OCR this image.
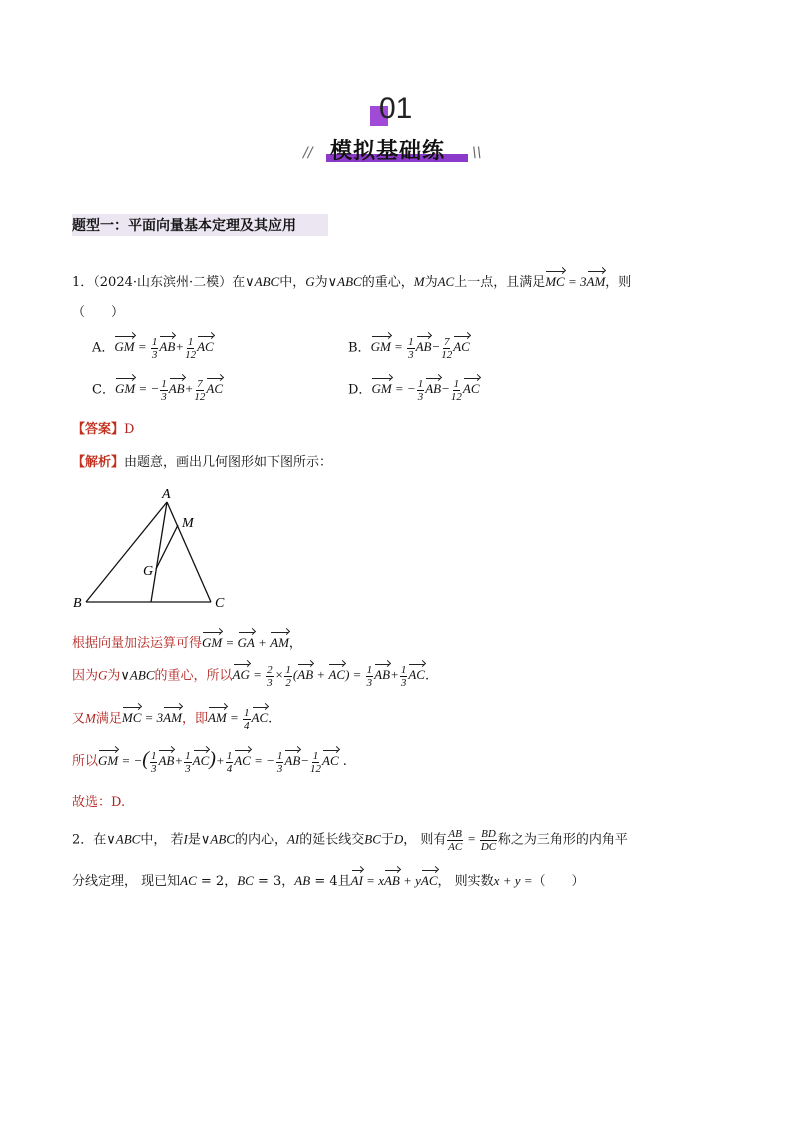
01
模拟基础练
//	\\
题型一：平面向量基本定理及其应用
1．（2024·山东滨州·二模）在∨ABC中，G为∨ABC的重心，M为AC上一点，且满足MC = 3AM，则
（　　）
A．GM = $\frac{1}{3} AB+ \frac{1}{12}$ AC	B．GM = $\frac{1}{3} AB- \frac{7}{12}$ AC
C．GM = − $\frac{1}{3} AB+ \frac{7}{12}$ AC	D．GM = − $\frac{1}{3} AB- \frac{1}{12}$ AC
【答案】D
【解析】由题意，画出几何图形如下图所示：
A
M
G
B	C
根据向量加法运算可得GM = GA + AM，
因为G为∨ABC的重心，所以AG = $\frac{2}{3} \times \frac{1}{2} (AB + AC) = \frac{1}{3} AB+ \frac{1}{3}$ AC.
又M满足MC = 3AM，即AM = $\frac{1}{4}$ AC.
所以GM = −( $\frac{1}{3} AB+ \frac{1}{3} AC)+ \frac{1}{4}$ AC = − $\frac{1}{3} AB- \frac{1}{12}$ AC .
故选：D.
2．在∨ABC中， 若I是∨ABC的内心，AI的延长线交BC于D， 则有 $\frac{AB}{AC} = \frac{BD}{DC}$ 称之为三角形的内角平
分线定理， 现已知AC = 2，BC = 3，AB = 4且AI = xAB + yAC， 则实数x + y =（　　）
